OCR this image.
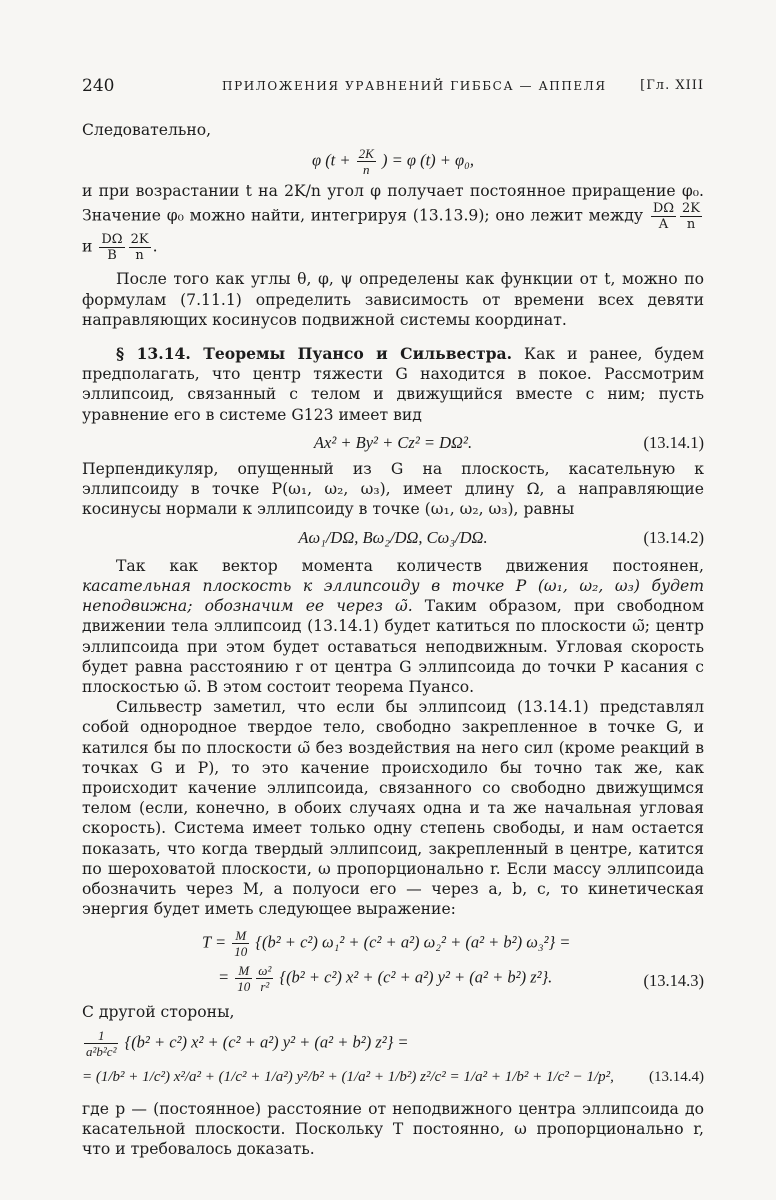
240	ПРИЛОЖЕНИЯ УРАВНЕНИЙ ГИББСА — АППЕЛЯ	[Гл. XIII

Следовательно,

φ ($t + \frac{2K}{n}$ ) = φ (t) + φ₀,

и при возрастании t на 2K/n угол φ получает постоянное приращение φ₀. Значение φ₀ можно найти, интегрируя (13.13.9); оно лежит между $\frac{D\Omega}{A} \frac{2K}{n}$
и $\frac{D\Omega}{B} \frac{2K}{n}$ .

После того как углы θ, φ, ψ определены как функции от t, можно по формулам (7.11.1) определить зависимость от времени всех девяти направляющих косинусов подвижной системы координат.

§ 13.14. Теоремы Пуансо и Сильвестра. Как и ранее, будем предполагать, что центр тяжести G находится в покое. Рассмотрим эллипсоид, связанный с телом и движущийся вместе с ним; пусть уравнение его в системе G123 имеет вид

Ax² + By² + Cz² = DΩ².	(13.14.1)

Перпендикуляр, опущенный из G на плоскость, касательную к эллипсоиду в точке P(ω₁, ω₂, ω₃), имеет длину Ω, а направляющие косинусы нормали к эллипсоиду в точке (ω₁, ω₂, ω₃), равны

Aω₁/DΩ, Bω₂/DΩ, Cω₃/DΩ.	(13.14.2)

Так как вектор момента количеств движения постоянен, касательная плоскость к эллипсоиду в точке P (ω₁, ω₂, ω₃) будет неподвижна; обозначим ее через ω̃. Таким образом, при свободном движении тела эллипсоид (13.14.1) будет катиться по плоскости ω̃; центр эллипсоида при этом будет оставаться неподвижным. Угловая скорость будет равна расстоянию r от центра G эллипсоида до точки P касания с плоскостью ω̃. В этом состоит теорема Пуансо.

Сильвестр заметил, что если бы эллипсоид (13.14.1) представлял собой однородное твердое тело, свободно закрепленное в точке G, и катился бы по плоскости ω̃ без воздействия на него сил (кроме реакций в точках G и P), то это качение происходило бы точно так же, как происходит качение эллипсоида, связанного со свободно движущимся телом (если, конечно, в обоих случаях одна и та же начальная угловая скорость). Система имеет только одну степень свободы, и нам остается показать, что когда твердый эллипсоид, закрепленный в центре, катится по шероховатой плоскости, ω пропорционально r. Если массу эллипсоида обозначить через M, а полуоси его — через a, b, c, то кинетическая энергия будет иметь следующее выражение:

$T = \frac{M}{10} \{(b^2 + c^2) \omega_1^2 + (c^2 + a^2) \omega_2^2 + (a^2 + b^2) \omega_3^2\}$ =
= $\frac{M}{10} \frac{\text{ω²}}{\text{r²}} \{(b^2 + c^2) x^2 + (c^2 + a^2) y^2 + (a^2 + b^2)$ z²}.	(13.14.3)

С другой стороны,

$\frac{1}{\text{a²b²c²}} \{(b^2 + c^2) x^2 + (c^2 + a^2) y^2 + (a^2 + b^2) z^2\}$ =
= (1/b² + 1/c²) x²/a² + (1/c² + 1/a²) y²/b² + (1/a² + 1/b²) z²/c² = 1/a² + 1/b² + 1/c² − 1/p², (13.14.4)

где p — (постоянное) расстояние от неподвижного центра эллипсоида до касательной плоскости. Поскольку T постоянно, ω пропорционально r, что и требовалось доказать.
